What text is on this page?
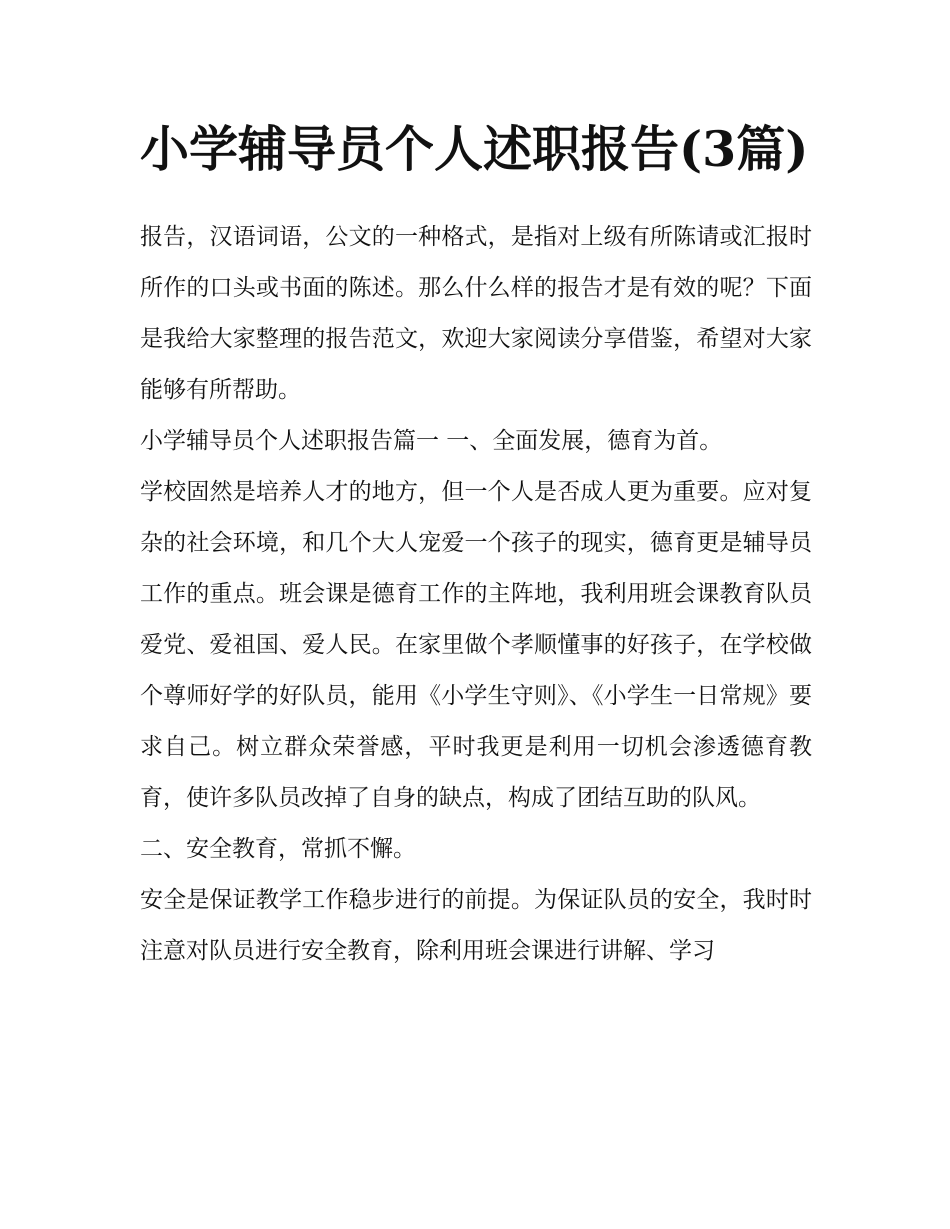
小学辅导员个人述职报告(3篇)

报告，汉语词语，公文的一种格式，是指对上级有所陈请或汇报时所作的口头或书面的陈述。那么什么样的报告才是有效的呢？下面是我给大家整理的报告范文，欢迎大家阅读分享借鉴，希望对大家能够有所帮助。

小学辅导员个人述职报告篇一 一、全面发展，德育为首。

学校固然是培养人才的地方，但一个人是否成人更为重要。应对复杂的社会环境，和几个大人宠爱一个孩子的现实，德育更是辅导员工作的重点。班会课是德育工作的主阵地，我利用班会课教育队员爱党、爱祖国、爱人民。在家里做个孝顺懂事的好孩子，在学校做个尊师好学的好队员，能用《小学生守则》、《小学生一日常规》要求自己。树立群众荣誉感，平时我更是利用一切机会渗透德育教育，使许多队员改掉了自身的缺点，构成了团结互助的队风。

二、安全教育，常抓不懈。

安全是保证教学工作稳步进行的前提。为保证队员的安全，我时时注意对队员进行安全教育，除利用班会课进行讲解、学习
